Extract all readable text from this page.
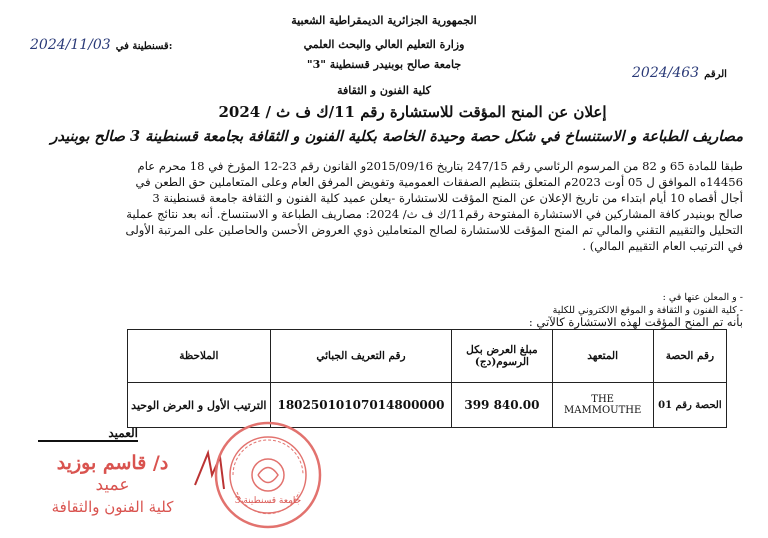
الجمهورية الجزائرية الديمقراطية الشعبية
وزارة التعليم العالي والبحث العلمي
جامعة صالح بوبنيدر قسنطينة "3"
كلية الفنون و الثقافة
2024/11/03 قسنطينة في:
الرقم 2024/463
إعلان عن المنح المؤقت للاستشارة رقم 11/ك ف ث / 2024
مصاريف الطباعة و الاستنساخ في شكل حصة وحيدة الخاصة بكلية الفنون و الثقافة بجامعة قسنطينة 3 صالح بوبنيدر
طبقا للمادة 65 و 82 من المرسوم الرئاسي رقم 247/15 بتاريخ 2015/09/16و القانون رقم 23-12 المؤرخ في 18 محرم عام
14456ه الموافق ل 05 أوت 2023م المتعلق بتنظيم الصفقات العمومية وتفويض المرفق العام وعلى المتعاملين حق الطعن في
أجال أقصاه 10 أيام ابتداء من تاريخ الإعلان عن المنح المؤقت للاستشارة -يعلن عميد كلية الفنون و الثقافة جامعة قسنطينة 3
صالح بوبنيدر كافة المشاركين في الاستشارة المفتوحة رقم11/ك ف ث/ 2024: مصاريف الطباعة و الاستنساخ. أنه بعد نتائج عملية
التحليل والتقييم التقني والمالي تم المنح المؤقت للاستشارة لصالح المتعاملين ذوي العروض الأحسن والحاصلين على المرتبة الأولى
في الترتيب العام التقييم المالي) .
- و المعلن عنها في :
- كلية الفنون و الثقافة و الموقع الالكتروني للكلية
بأنه تم المنح المؤقت لهذه الاستشارة كالآتي :
رقم الحصة	المتعهد	مبلغ العرض بكل الرسوم(دج)	رقم التعريف الجبائي	الملاحظة
الحصة رقم 01	THE MAMMOUTHE	399 840.00	18025010107014800000	الترتيب الأول و العرض الوحيد
العميد
د/ قاسم بوزيد
عميد
كلية الفنون والثقافة	جامعة قسنطينة 3
